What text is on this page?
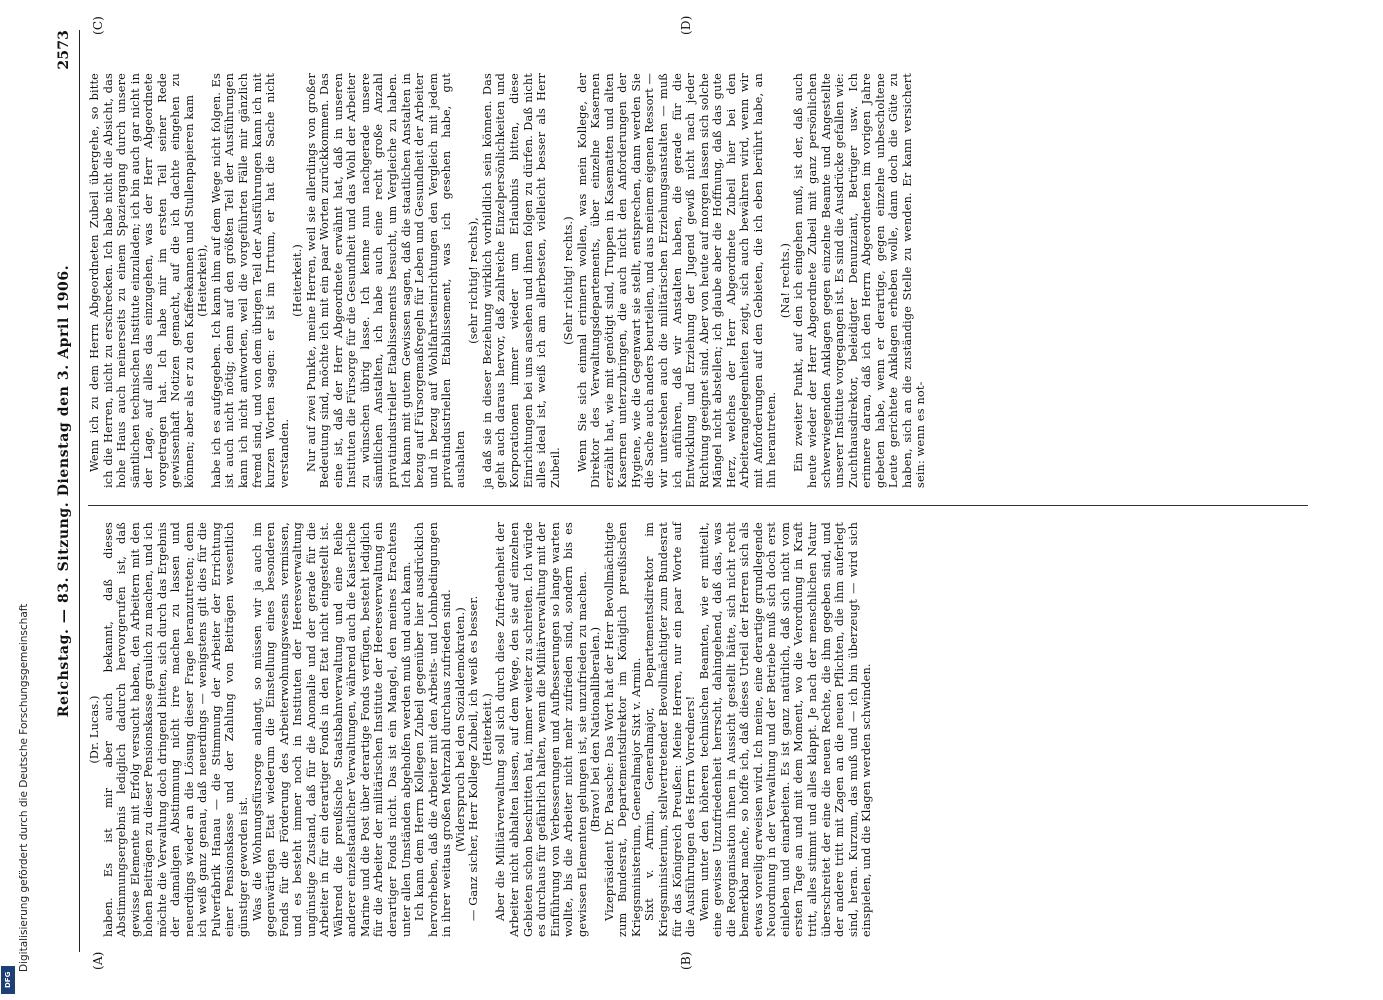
Digitalisierung gefördert durch die Deutsche Forschungsgemeinschaft
DFG
Reichstag. — 83. Sitzung. Dienstag den 3. April 1906.
2573
(A)	(B)
(C)	(D)

(Dr. Lucas.) haben. Es ist mir aber auch bekannt, daß dieses Abstimmungsergebnis lediglich dadurch hervorgerufen ist, daß gewisse Elemente mit Erfolg versucht haben, den Arbeitern mit den hohen Beiträgen zu dieser Pensionskasse graulich zu machen, und ich möchte die Verwaltung doch dringend bitten, sich durch das Ergebnis der damaligen Abstimmung nicht irre machen zu lassen und neuerdings wieder an die Lösung dieser Frage heranzutreten; denn ich weiß ganz genau, daß neuerdings — wenigstens gilt dies für die Pulverfabrik Hanau — die Stimmung der Arbeiter der Errichtung einer Pensionskasse und der Zahlung von Beiträgen wesentlich günstiger geworden ist. Was die Wohnungsfürsorge anlangt, so müssen wir ja auch im gegenwärtigen Etat wiederum die Einstellung eines besonderen Fonds für die Förderung des Arbeiterwohnungswesens vermissen, und es besteht immer noch in Instituten der Heeresverwaltung ungünstige Zustand, daß für die Anomalie und der gerade für die Arbeiter in für ein derartiger Fonds in den Etat nicht eingestellt ist. Während die preußische Staatsbahnverwaltung und eine Reihe anderer einzelstaatlicher Verwaltungen, während auch die Kaiserliche Marine und die Post über derartige Fonds verfügen, besteht lediglich für die Arbeiter der militärischen Institute der Heeresverwaltung ein derartiger Fonds nicht. Das ist ein Mangel, den meines Erachtens unter allen Umständen abgeholfen werden muß und auch kann. Ich kann dem Herrn Kollegen Zubeil gegenüber hier ausdrücklich hervorheben, daß die Arbeiter mit den Arbeits- und Lohnbedingungen in ihrer weitaus großen Mehrzahl durchaus zufrieden sind. (Widerspruch bei den Sozialdemokraten.) — Ganz sicher, Herr Kollege Zubeil, ich weiß es besser. (Heiterkeit.) Aber die Militärverwaltung soll sich durch diese Zufriedenheit der Arbeiter nicht abhalten lassen, auf dem Wege, den sie auf einzelnen Gebieten schon beschritten hat, immer weiter zu schreiten. Ich würde es durchaus für gefährlich halten, wenn die Militärverwaltung mit der Einführung von Verbesserungen und Aufbesserungen so lange warten wollte, bis die Arbeiter nicht mehr zufrieden sind, sondern bis es gewissen Elementen gelungen ist, sie unzufrieden zu machen. (Bravo! bei den Nationalliberalen.) Vizepräsident Dr. Paasche: Das Wort hat der Herr Bevollmächtigte zum Bundesrat, Departementsdirektor im Königlich preußischen Kriegsministerium, Generalmajor Sixt v. Armin. Sixt v. Armin, Generalmajor, Departementsdirektor im Kriegsministerium, stellvertretender Bevollmächtigter zum Bundesrat für das Königreich Preußen: Meine Herren, nur ein paar Worte auf die Ausführungen des Herrn Vorredners! Wenn unter den höheren technischen Beamten, wie er mitteilt, eine gewisse Unzufriedenheit herrscht, dahingehend, daß das, was die Reorganisation ihnen in Aussicht gestellt hätte, sich nicht recht bemerkbar mache, so hoffe ich, daß dieses Urteil der Herren sich als etwas voreilig erweisen wird. Ich meine, eine derartige grundlegende Neuordnung in der Verwaltung und der Betriebe muß sich doch erst einleben und einarbeiten. Es ist ganz natürlich, daß sich nicht vom ersten Tage an und mit dem Moment, wo die Verordnung in Kraft tritt, alles stimmt und alles klappt. Je nach der menschlichen Natur überschreitet der eine die neuen Rechte, die ihm gegeben sind, und der andere tritt mit Zagen an die neuen Pflichten, die ihm auferlegt sind, heran. Kurzum, das muß und — ich bin überzeugt — wird sich einspielen, und die Klagen werden schwinden.

Wenn ich zu dem Herrn Abgeordneten Zubeil übergehe, so bitte ich die Herren, nicht zu erschrecken. Ich habe nicht die Absicht, das hohe Haus auch meinerseits zu einem Spaziergang durch unsere sämtlichen technischen Institute einzuladen; ich bin auch gar nicht in der Lage, auf alles das einzugehen, was der Herr Abgeordnete vorgetragen hat. Ich habe mir im ersten Teil seiner Rede gewissenhaft Notizen gemacht, auf die ich dachte eingehen zu können; aber als er zu den Kaffeekannen und Stullenpapieren kam (Heiterkeit), habe ich es aufgegeben. Ich kann ihm auf dem Wege nicht folgen. Es ist auch nicht nötig; denn auf den größten Teil der Ausführungen kann ich nicht antworten, weil die vorgeführten Fälle mir gänzlich fremd sind, und von dem übrigen Teil der Ausführungen kann ich mit kurzen Worten sagen: er ist im Irrtum, er hat die Sache nicht verstanden.

(Heiterkeit.) Nur auf zwei Punkte, meine Herren, weil sie allerdings von großer Bedeutung sind, möchte ich mit ein paar Worten zurückkommen. Das eine ist, daß der Herr Abgeordnete erwähnt hat, daß in unseren Instituten die Fürsorge für die Gesundheit und das Wohl der Arbeiter zu wünschen übrig lasse. Ich kenne nun nachgerade unsere sämtlichen Anstalten, ich habe auch eine recht große Anzahl privatindustrieller Etablissements besucht, um Vergleiche zu haben. Ich kann mit gutem Gewissen sagen, daß die staatlichen Anstalten in bezug auf Fürsorgemaßregeln für Leben und Gesundheit der Arbeiter und in bezug auf Wohlfahrtseinrichtungen den Vergleich mit jedem privatindustriellen Etablissement, was ich gesehen habe, gut aushalten

(sehr richtig! rechts), ja daß sie in dieser Beziehung wirklich vorbildlich sein können. Das geht auch daraus hervor, daß zahlreiche Einzelpersönlichkeiten und Korporationen immer wieder um Erlaubnis bitten, diese Einrichtungen bei uns ansehen und ihnen folgen zu dürfen. Daß nicht alles ideal ist, weiß ich am allerbesten, vielleicht besser als Herr Zubeil.

(Sehr richtig! rechts.) Wenn Sie sich einmal erinnern wollen, was mein Kollege, der Direktor des Verwaltungsdepartements, über einzelne Kasernen erzählt hat, wie mit genötigt sind, Truppen in Kasematten und alten Kasernen unterzubringen, die auch nicht den Anforderungen der Hygiene, wie die Gegenwart sie stellt, entsprechen, dann werden Sie die Sache auch anders beurteilen, und aus meinem eigenen Ressort — wir unterstehen auch die militärischen Erziehungsanstalten — muß ich anführen, daß wir Anstalten haben, die gerade für die Entwicklung und Erziehung der Jugend gewiß nicht nach jeder Richtung geeignet sind. Aber von heute auf morgen lassen sich solche Mängel nicht abstellen; ich glaube aber die Hoffnung, daß das gute Herz, welches der Herr Abgeordnete Zubeil hier bei den Arbeiterangelegenheiten zeigt, sich auch bewähren wird, wenn wir mit Anforderungen auf den Gebieten, die ich eben berührt habe, an ihn herantreten.

(Na! rechts.) Ein zweiter Punkt, auf den ich eingehen muß, ist der, daß auch heute wieder der Herr Abgeordnete Zubeil mit ganz persönlichen schwerwiegenden Anklagen gegen einzelne Beamte und Angestellte unserer Institute vorgegangen ist. Es sind die Ausdrücke gefallen wie: Zuchthausdirektor, beleidigter Denunziant, Betrüger usw. Ich erinnere daran, daß ich den Herrn Abgeordneten im vorigen Jahre gebeten habe, wenn er derartige, gegen einzelne unbescholtene Leute gerichtete Anklagen erheben wolle, dann doch die Güte zu haben, sich an die zuständige Stelle zu wenden. Er kann versichert sein: wenn es not-
